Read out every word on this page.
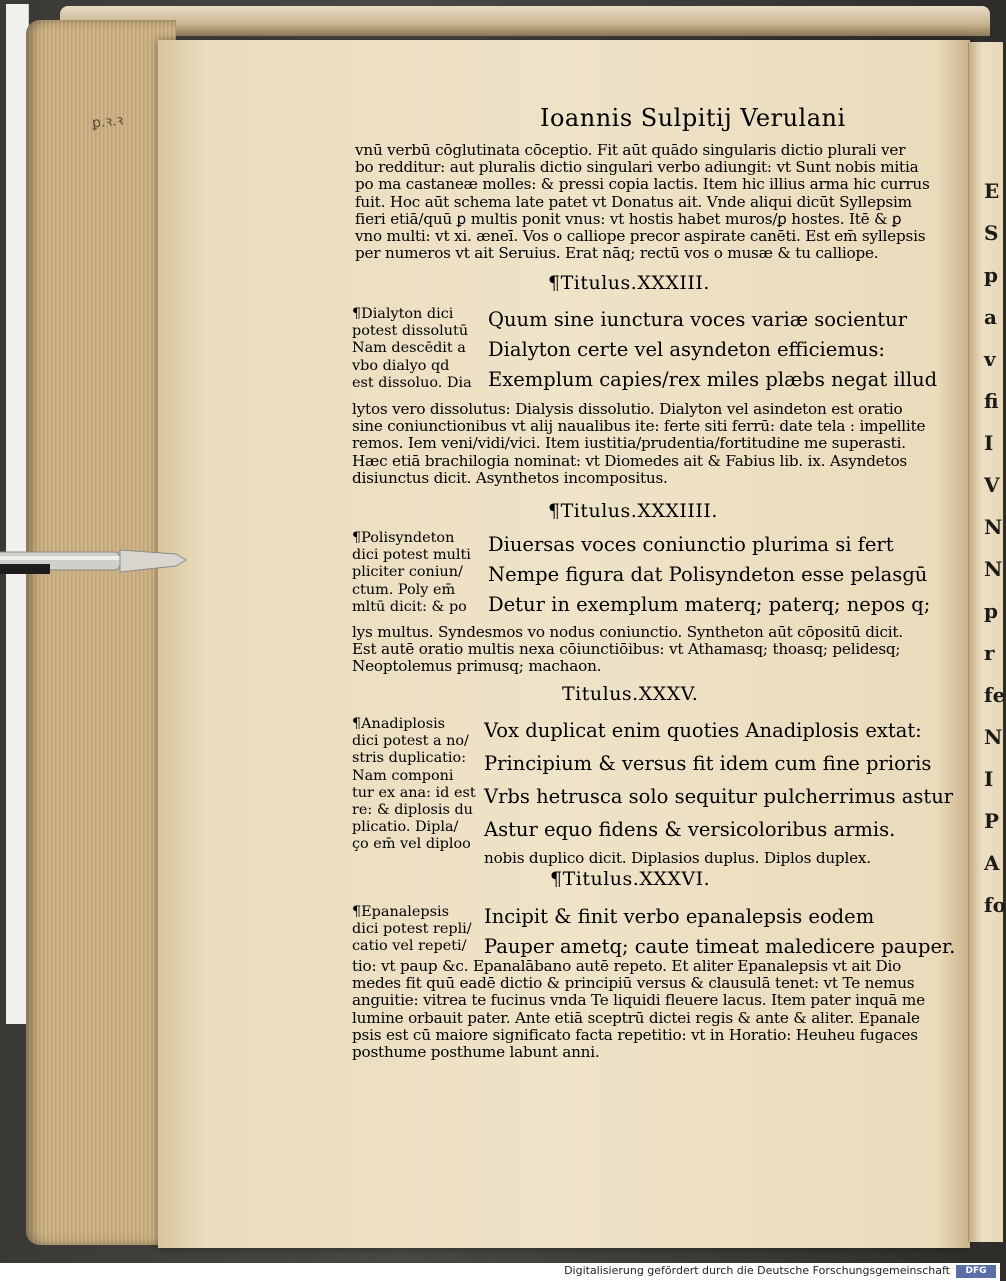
ꝑ.ꝛ.ꝛ
E
S
p
a
v
fi
I
V
N
N
p
r
fe
N
I
P
A
fo
Ioannis Sulpitij Verulani
vnū verbū cōglutinata cōceptio. Fit aūt quādo singularis dictio plurali ver
bo redditur: aut pluralis dictio singulari verbo adiungit: vt Sunt nobis mitia
po ma castaneæ molles: & pressi copia lactis. Item hic illius arma hic currus
fuit. Hoc aūt schema late patet vt Donatus ait. Vnde aliqui dicūt Syllepsim
fieri etiā/quū ꝑ multis ponit vnus: vt hostis habet muros/ꝑ hostes. Itē & ꝑ
vno multi: vt xi. æneī. Vos o calliope precor aspirate canēti. Est em̄ syllepsis
per numeros vt ait Seruius. Erat nāq; rectū vos o musæ & tu calliope.
¶Titulus.XXXIII.
¶Dialyton dici
potest dissolutū
Nam descēdit a
vbo dialyo qd
est dissoluo. Dia
Quum sine iunctura voces variæ socientur
Dialyton certe vel asyndeton efficiemus:
Exemplum capies/rex miles plæbs negat illud
lytos vero dissolutus: Dialysis dissolutio. Dialyton vel asindeton est oratio
sine coniunctionibus vt alij naualibus ite: ferte siti ferrū: date tela : impellite
remos. Iem veni/vidi/vici. Item iustitia/prudentia/fortitudine me superasti.
Hæc etiā brachilogia nominat: vt Diomedes ait & Fabius lib. ix. Asyndetos
disiunctus dicit. Asynthetos incompositus.
¶Titulus.XXXIIII.
¶Polisyndeton
dici potest multi
pliciter coniun/
ctum. Poly em̄
mltū dicit: & po
Diuersas voces coniunctio plurima si fert
Nempe figura dat Polisyndeton esse pelasgū
Detur in exemplum materq; paterq; nepos q;
lys multus. Syndesmos vo nodus coniunctio. Syntheton aūt cōpositū dicit.
Est autē oratio multis nexa cōiunctiōibus: vt Athamasq; thoasq; pelidesq;
Neoptolemus primusq; machaon.
Titulus.XXXV.
¶Anadiplosis
dici potest a no/
stris duplicatio:
Nam componi
tur ex ana: id est
re: & diplosis du
plicatio. Dipla/
ço em̄ vel diploo
Vox duplicat enim quoties Anadiplosis extat:
Principium & versus fit idem cum fine prioris
Vrbs hetrusca solo sequitur pulcherrimus astur
Astur equo fidens & versicoloribus armis.
nobis duplico dicit. Diplasios duplus. Diplos duplex.
¶Titulus.XXXVI.
¶Epanalepsis
dici potest repli/
catio vel repeti/
Incipit & finit verbo epanalepsis eodem
Pauper ametq; caute timeat maledicere pauper.
tio: vt paup &c. Epanalābano autē repeto. Et aliter Epanalepsis vt ait Dio
medes fit quū eadē dictio & principiū versus & clausulā tenet: vt Te nemus
anguitie: vitrea te fucinus vnda Te liquidi fleuere lacus. Item pater inquā me
lumine orbauit pater. Ante etiā sceptrū dictei regis & ante & aliter. Epanale
psis est cū maiore significato facta repetitio: vt in Horatio: Heuheu fugaces
posthume posthume labunt anni.
Digitalisierung gefördert durch die Deutsche Forschungsgemeinschaft	DFG
